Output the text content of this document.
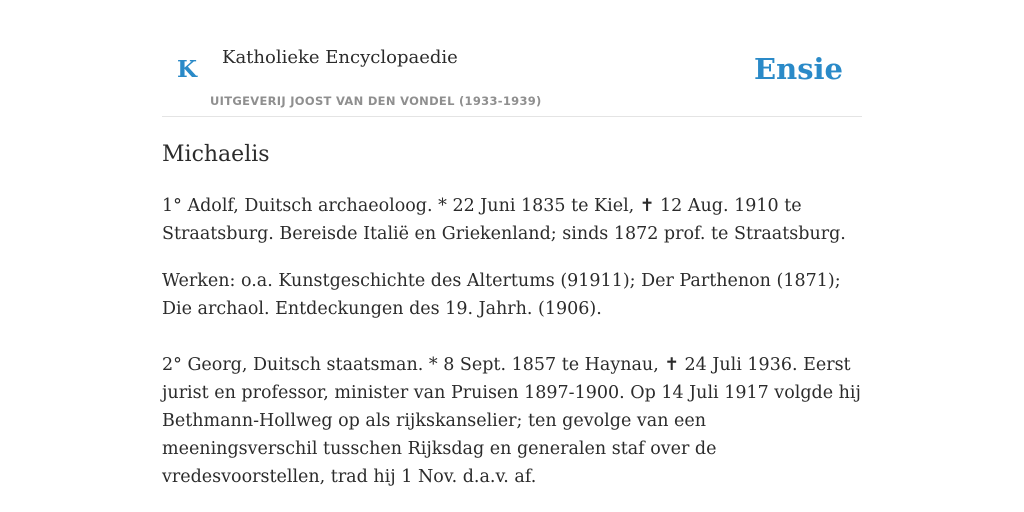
K Katholieke Encyclopaedie
UITGEVERIJ JOOST VAN DEN VONDEL (1933-1939)
Ensie
Michaelis

1° Adolf, Duitsch archaeoloog. * 22 Juni 1835 te Kiel, ✝ 12 Aug. 1910 te Straatsburg. Bereisde Italië en Griekenland; sinds 1872 prof. te Straatsburg.

Werken: o.a. Kunstgeschichte des Altertums (91911); Der Parthenon (1871); Die archaol. Entdeckungen des 19. Jahrh. (1906).

2° Georg, Duitsch staatsman. * 8 Sept. 1857 te Haynau, ✝ 24 Juli 1936. Eerst jurist en professor, minister van Pruisen 1897-1900. Op 14 Juli 1917 volgde hij Bethmann-Hollweg op als rijkskanselier; ten gevolge van een meeningsverschil tusschen Rijksdag en generalen staf over de vredesvoorstellen, trad hij 1 Nov. d.a.v. af.
